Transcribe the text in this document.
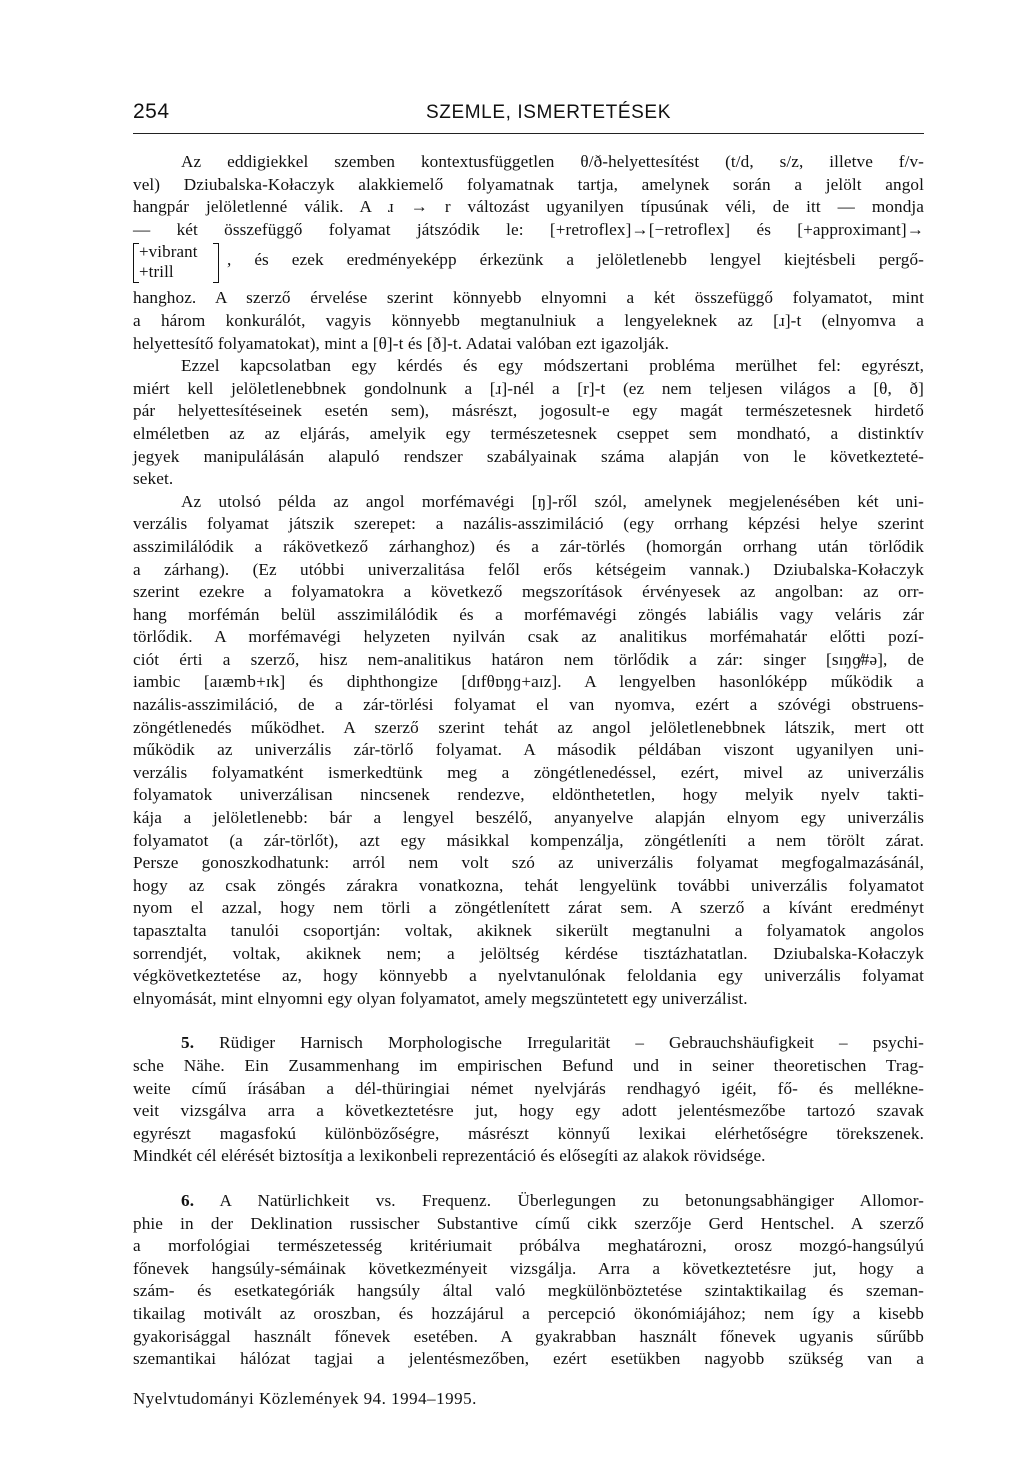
254	SZEMLE, ISMERTETÉSEK
Az eddigiekkel szemben kontextusfüggetlen θ/ð-helyettesítést (t/d, s/z, illetve f/v-
vel) Dziubalska-Kołaczyk alakkiemelő folyamatnak tartja, amelynek során a jelölt angol
hangpár jelöletlenné válik. A ɹ → r változást ugyanilyen típusúnak véli, de itt — mondja
— két összefüggő folyamat játszódik le: [+retroflex]→[−retroflex] és [+approximant]→
+vibrant
+trill
, és ezek eredményeképp érkezünk a jelöletlenebb lengyel kiejtésbeli pergő-
hanghoz. A szerző érvelése szerint könnyebb elnyomni a két összefüggő folyamatot, mint
a három konkurálót, vagyis könnyebb megtanulniuk a lengyeleknek az [ɹ]-t (elnyomva a
helyettesítő folyamatokat), mint a [θ]-t és [ð]-t. Adatai valóban ezt igazolják.
Ezzel kapcsolatban egy kérdés és egy módszertani probléma merülhet fel: egyrészt,
miért kell jelöletlenebbnek gondolnunk a [ɹ]-nél a [r]-t (ez nem teljesen világos a [θ, ð]
pár helyettesítéseinek esetén sem), másrészt, jogosult-e egy magát természetesnek hirdető
elméletben az az eljárás, amelyik egy természetesnek cseppet sem mondható, a distinktív
jegyek manipulálásán alapuló rendszer szabályainak száma alapján von le következteté-
seket.
Az utolsó példa az angol morfémavégi [ŋ]-ről szól, amelynek megjelenésében két uni-
verzális folyamat játszik szerepet: a nazális-asszimiláció (egy orrhang képzési helye szerint
asszimilálódik a rákövetkező zárhanghoz) és a zár-törlés (homorgán orrhang után törlődik
a zárhang). (Ez utóbbi univerzalitása felől erős kétségeim vannak.) Dziubalska-Kołaczyk
szerint ezekre a folyamatokra a következő megszorítások érvényesek az angolban: az orr-
hang morfémán belül asszimilálódik és a morfémavégi zöngés labiális vagy veláris zár
törlődik. A morfémavégi helyzeten nyilván csak az analitikus morfémahatár előtti pozí-
ciót érti a szerző, hisz nem-analitikus határon nem törlődik a zár: singer [sɪŋɡ̸#ə], de
iambic [aɪæmb+ɪk] és diphthongize [dɪfθɒŋɡ+aɪz]. A lengyelben hasonlóképp működik a
nazális-asszimiláció, de a zár-törlési folyamat el van nyomva, ezért a szóvégi obstruens-
zöngétlenedés működhet. A szerző szerint tehát az angol jelöletlenebbnek látszik, mert ott
működik az univerzális zár-törlő folyamat. A második példában viszont ugyanilyen uni-
verzális folyamatként ismerkedtünk meg a zöngétlenedéssel, ezért, mivel az univerzális
folyamatok univerzálisan nincsenek rendezve, eldönthetetlen, hogy melyik nyelv takti-
kája a jelöletlenebb: bár a lengyel beszélő, anyanyelve alapján elnyom egy univerzális
folyamatot (a zár-törlőt), azt egy másikkal kompenzálja, zöngétleníti a nem törölt zárat.
Persze gonoszkodhatunk: arról nem volt szó az univerzális folyamat megfogalmazásánál,
hogy az csak zöngés zárakra vonatkozna, tehát lengyelünk további univerzális folyamatot
nyom el azzal, hogy nem törli a zöngétlenített zárat sem. A szerző a kívánt eredményt
tapasztalta tanulói csoportján: voltak, akiknek sikerült megtanulni a folyamatok angolos
sorrendjét, voltak, akiknek nem; a jelöltség kérdése tisztázhatatlan. Dziubalska-Kołaczyk
végkövetkeztetése az, hogy könnyebb a nyelvtanulónak feloldania egy univerzális folyamat
elnyomását, mint elnyomni egy olyan folyamatot, amely megszüntetett egy univerzálist.
5. Rüdiger Harnisch Morphologische Irregularität – Gebrauchshäufigkeit – psychi-
sche Nähe. Ein Zusammenhang im empirischen Befund und in seiner theoretischen Trag-
weite című írásában a dél-thüringiai német nyelvjárás rendhagyó igéit, fő- és mellékne-
veit vizsgálva arra a következtetésre jut, hogy egy adott jelentésmezőbe tartozó szavak
egyrészt magasfokú különbözőségre, másrészt könnyű lexikai elérhetőségre törekszenek.
Mindkét cél elérését biztosítja a lexikonbeli reprezentáció és elősegíti az alakok rövidsége.
6. A Natürlichkeit vs. Frequenz. Überlegungen zu betonungsabhängiger Allomor-
phie in der Deklination russischer Substantive című cikk szerzője Gerd Hentschel. A szerző
a morfológiai természetesség kritériumait próbálva meghatározni, orosz mozgó-hangsúlyú
főnevek hangsúly-sémáinak következményeit vizsgálja. Arra a következtetésre jut, hogy a
szám- és esetkategóriák hangsúly által való megkülönböztetése szintaktikailag és szeman-
tikailag motivált az oroszban, és hozzájárul a percepció ökonómiájához; nem így a kisebb
gyakorisággal használt főnevek esetében. A gyakrabban használt főnevek ugyanis sűrűbb
szemantikai hálózat tagjai a jelentésmezőben, ezért esetükben nagyobb szükség van a
Nyelvtudományi Közlemények 94. 1994–1995.
